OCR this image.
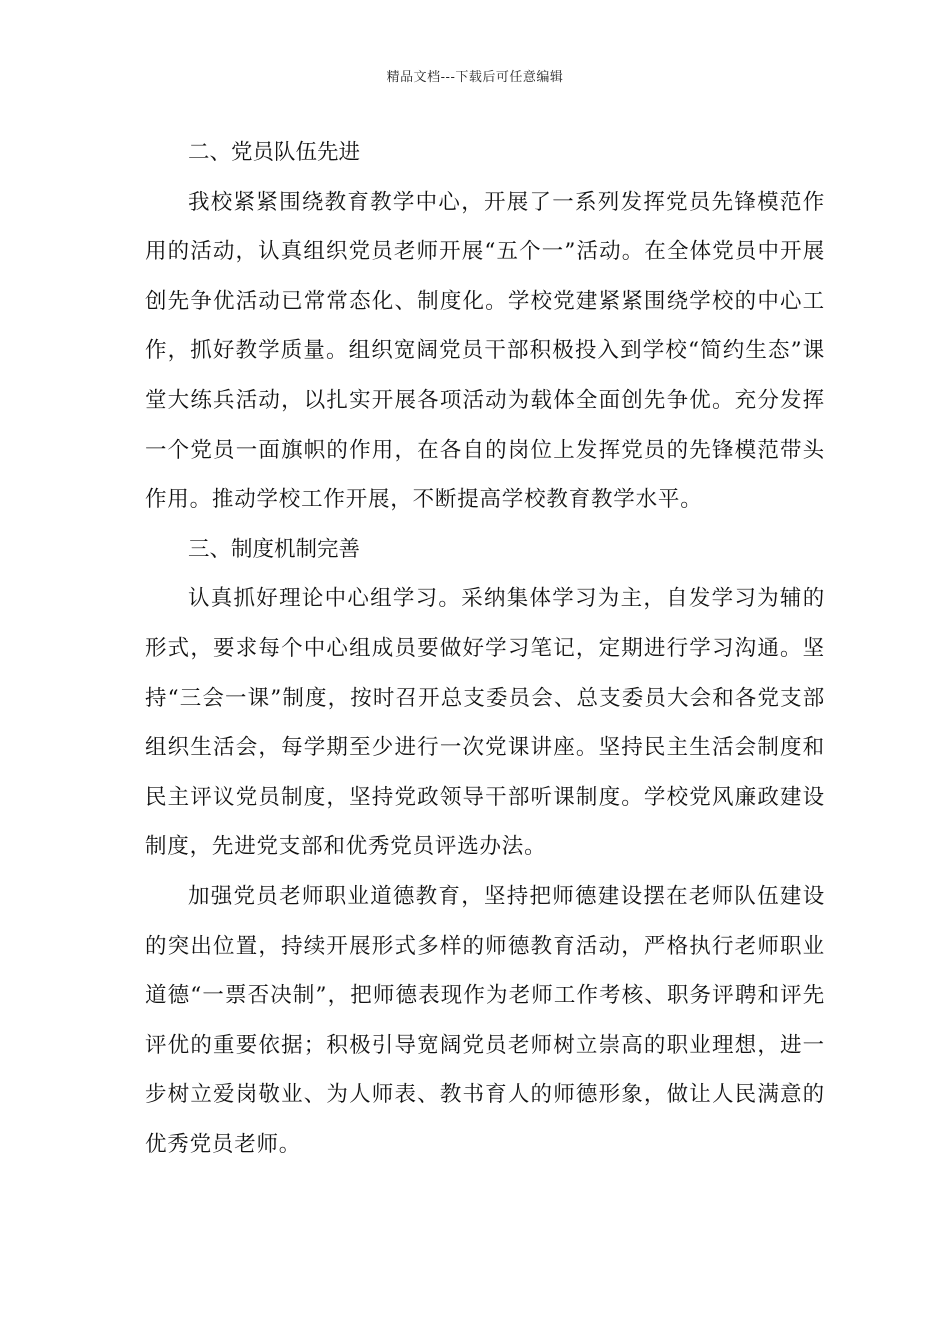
精品文档---下载后可任意编辑

二、党员队伍先进

我校紧紧围绕教育教学中心，开展了一系列发挥党员先锋模范作用的活动，认真组织党员老师开展“五个一”活动。在全体党员中开展创先争优活动已常常态化、制度化。学校党建紧紧围绕学校的中心工作，抓好教学质量。组织宽阔党员干部积极投入到学校“简约生态”课堂大练兵活动，以扎实开展各项活动为载体全面创先争优。充分发挥一个党员一面旗帜的作用，在各自的岗位上发挥党员的先锋模范带头作用。推动学校工作开展，不断提高学校教育教学水平。

三、制度机制完善

认真抓好理论中心组学习。采纳集体学习为主，自发学习为辅的形式，要求每个中心组成员要做好学习笔记，定期进行学习沟通。坚持“三会一课”制度，按时召开总支委员会、总支委员大会和各党支部组织生活会，每学期至少进行一次党课讲座。坚持民主生活会制度和民主评议党员制度，坚持党政领导干部听课制度。学校党风廉政建设制度，先进党支部和优秀党员评选办法。

加强党员老师职业道德教育，坚持把师德建设摆在老师队伍建设的突出位置，持续开展形式多样的师德教育活动，严格执行老师职业道德“一票否决制”，把师德表现作为老师工作考核、职务评聘和评先评优的重要依据；积极引导宽阔党员老师树立崇高的职业理想，进一步树立爱岗敬业、为人师表、教书育人的师德形象，做让人民满意的优秀党员老师。
